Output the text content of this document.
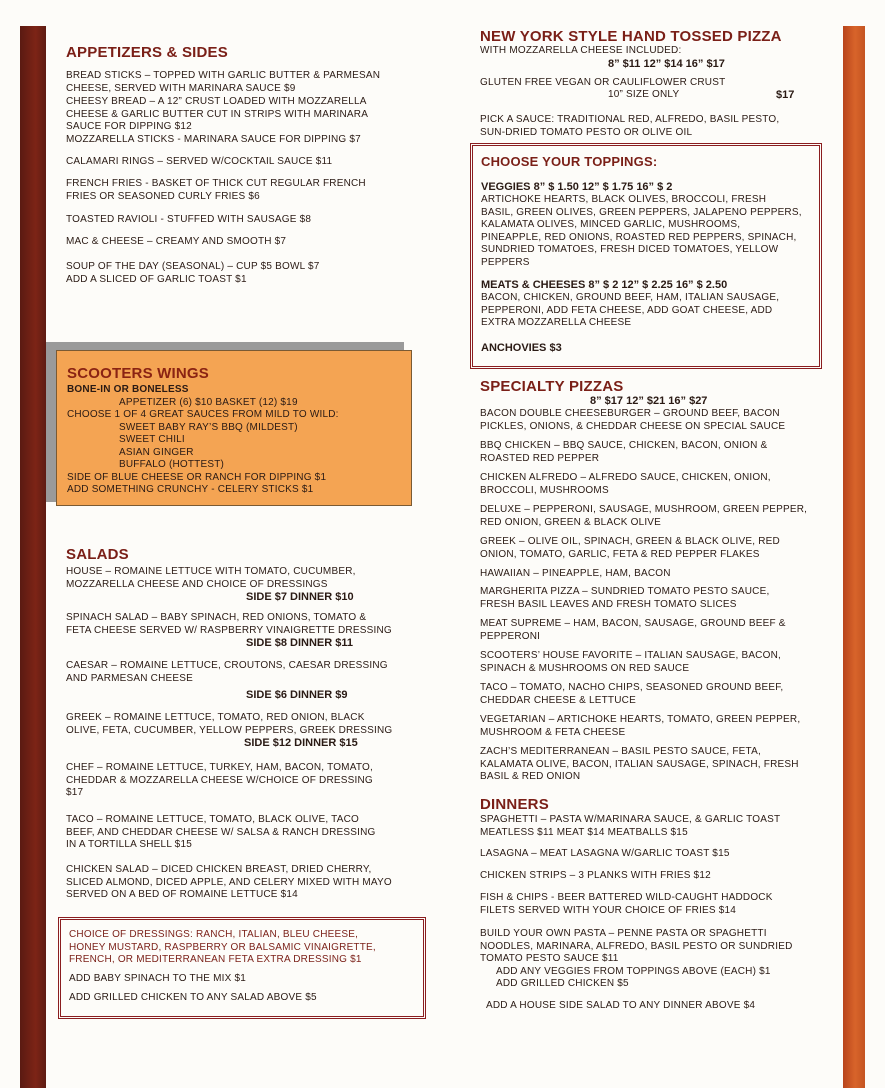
APPETIZERS & SIDES
BREAD STICKS – TOPPED WITH GARLIC BUTTER & PARMESAN
CHEESE, SERVED WITH MARINARA SAUCE $9
CHEESY BREAD – A 12” CRUST LOADED WITH MOZZARELLA
CHEESE & GARLIC BUTTER CUT IN STRIPS WITH MARINARA
SAUCE FOR DIPPING $12
MOZZARELLA STICKS - MARINARA SAUCE FOR DIPPING $7
CALAMARI RINGS – SERVED W/COCKTAIL SAUCE $11
FRENCH FRIES - BASKET OF THICK CUT REGULAR FRENCH
FRIES OR SEASONED CURLY FRIES $6
TOASTED RAVIOLI - STUFFED WITH SAUSAGE $8
MAC & CHEESE – CREAMY AND SMOOTH $7
SOUP OF THE DAY (SEASONAL) – CUP $5 BOWL $7
ADD A SLICED OF GARLIC TOAST $1
SCOOTERS WINGS
BONE-IN OR BONELESS
APPETIZER (6) $10 BASKET (12) $19
CHOOSE 1 OF 4 GREAT SAUCES FROM MILD TO WILD:
SWEET BABY RAY’S BBQ (MILDEST)
SWEET CHILI
ASIAN GINGER
BUFFALO (HOTTEST)
SIDE OF BLUE CHEESE OR RANCH FOR DIPPING $1
ADD SOMETHING CRUNCHY - CELERY STICKS $1
SALADS
HOUSE – ROMAINE LETTUCE WITH TOMATO, CUCUMBER,
MOZZARELLA CHEESE AND CHOICE OF DRESSINGS
SIDE $7 DINNER $10
SPINACH SALAD – BABY SPINACH, RED ONIONS, TOMATO &
FETA CHEESE SERVED W/ RASPBERRY VINAIGRETTE DRESSING
SIDE $8 DINNER $11
CAESAR – ROMAINE LETTUCE, CROUTONS, CAESAR DRESSING
AND PARMESAN CHEESE
SIDE $6 DINNER $9
GREEK – ROMAINE LETTUCE, TOMATO, RED ONION, BLACK
OLIVE, FETA, CUCUMBER, YELLOW PEPPERS, GREEK DRESSING
SIDE $12 DINNER $15
CHEF – ROMAINE LETTUCE, TURKEY, HAM, BACON, TOMATO,
CHEDDAR & MOZZARELLA CHEESE W/CHOICE OF DRESSING
$17
TACO – ROMAINE LETTUCE, TOMATO, BLACK OLIVE, TACO
BEEF, AND CHEDDAR CHEESE W/ SALSA & RANCH DRESSING
IN A TORTILLA SHELL $15
CHICKEN SALAD – DICED CHICKEN BREAST, DRIED CHERRY,
SLICED ALMOND, DICED APPLE, AND CELERY MIXED WITH MAYO
SERVED ON A BED OF ROMAINE LETTUCE $14
CHOICE OF DRESSINGS: RANCH, ITALIAN, BLEU CHEESE,
HONEY MUSTARD, RASPBERRY OR BALSAMIC VINAIGRETTE,
FRENCH, OR MEDITERRANEAN FETA EXTRA DRESSING $1
ADD BABY SPINACH TO THE MIX $1
ADD GRILLED CHICKEN TO ANY SALAD ABOVE $5
NEW YORK STYLE HAND TOSSED PIZZA
WITH MOZZARELLA CHEESE INCLUDED:
8” $11 12” $14 16” $17
GLUTEN FREE VEGAN OR CAULIFLOWER CRUST
10” SIZE ONLY	$17
PICK A SAUCE: TRADITIONAL RED, ALFREDO, BASIL PESTO,
SUN-DRIED TOMATO PESTO OR OLIVE OIL
CHOOSE YOUR TOPPINGS:
VEGGIES 8” $ 1.50 12” $ 1.75 16” $ 2
ARTICHOKE HEARTS, BLACK OLIVES, BROCCOLI, FRESH
BASIL, GREEN OLIVES, GREEN PEPPERS, JALAPENO PEPPERS,
KALAMATA OLIVES, MINCED GARLIC, MUSHROOMS,
PINEAPPLE, RED ONIONS, ROASTED RED PEPPERS, SPINACH,
SUNDRIED TOMATOES, FRESH DICED TOMATOES, YELLOW
PEPPERS
MEATS & CHEESES 8” $ 2 12” $ 2.25 16” $ 2.50
BACON, CHICKEN, GROUND BEEF, HAM, ITALIAN SAUSAGE,
PEPPERONI, ADD FETA CHEESE, ADD GOAT CHEESE, ADD
EXTRA MOZZARELLA CHEESE
ANCHOVIES $3
SPECIALTY PIZZAS
8” $17 12” $21 16” $27
BACON DOUBLE CHEESEBURGER – GROUND BEEF, BACON
PICKLES, ONIONS, & CHEDDAR CHEESE ON SPECIAL SAUCE
BBQ CHICKEN – BBQ SAUCE, CHICKEN, BACON, ONION &
ROASTED RED PEPPER
CHICKEN ALFREDO – ALFREDO SAUCE, CHICKEN, ONION,
BROCCOLI, MUSHROOMS
DELUXE – PEPPERONI, SAUSAGE, MUSHROOM, GREEN PEPPER,
RED ONION, GREEN & BLACK OLIVE
GREEK – OLIVE OIL, SPINACH, GREEN & BLACK OLIVE, RED
ONION, TOMATO, GARLIC, FETA & RED PEPPER FLAKES
HAWAIIAN – PINEAPPLE, HAM, BACON
MARGHERITA PIZZA – SUNDRIED TOMATO PESTO SAUCE,
FRESH BASIL LEAVES AND FRESH TOMATO SLICES
MEAT SUPREME – HAM, BACON, SAUSAGE, GROUND BEEF &
PEPPERONI
SCOOTERS’ HOUSE FAVORITE – ITALIAN SAUSAGE, BACON,
SPINACH & MUSHROOMS ON RED SAUCE
TACO – TOMATO, NACHO CHIPS, SEASONED GROUND BEEF,
CHEDDAR CHEESE & LETTUCE
VEGETARIAN – ARTICHOKE HEARTS, TOMATO, GREEN PEPPER,
MUSHROOM & FETA CHEESE
ZACH’S MEDITERRANEAN – BASIL PESTO SAUCE, FETA,
KALAMATA OLIVE, BACON, ITALIAN SAUSAGE, SPINACH, FRESH
BASIL & RED ONION
DINNERS
SPAGHETTI – PASTA W/MARINARA SAUCE, & GARLIC TOAST
MEATLESS $11 MEAT $14 MEATBALLS $15
LASAGNA – MEAT LASAGNA W/GARLIC TOAST $15
CHICKEN STRIPS – 3 PLANKS WITH FRIES $12
FISH & CHIPS - BEER BATTERED WILD-CAUGHT HADDOCK
FILETS SERVED WITH YOUR CHOICE OF FRIES $14
BUILD YOUR OWN PASTA – PENNE PASTA OR SPAGHETTI
NOODLES, MARINARA, ALFREDO, BASIL PESTO OR SUNDRIED
TOMATO PESTO SAUCE $11
ADD ANY VEGGIES FROM TOPPINGS ABOVE (EACH) $1
ADD GRILLED CHICKEN $5
ADD A HOUSE SIDE SALAD TO ANY DINNER ABOVE $4
